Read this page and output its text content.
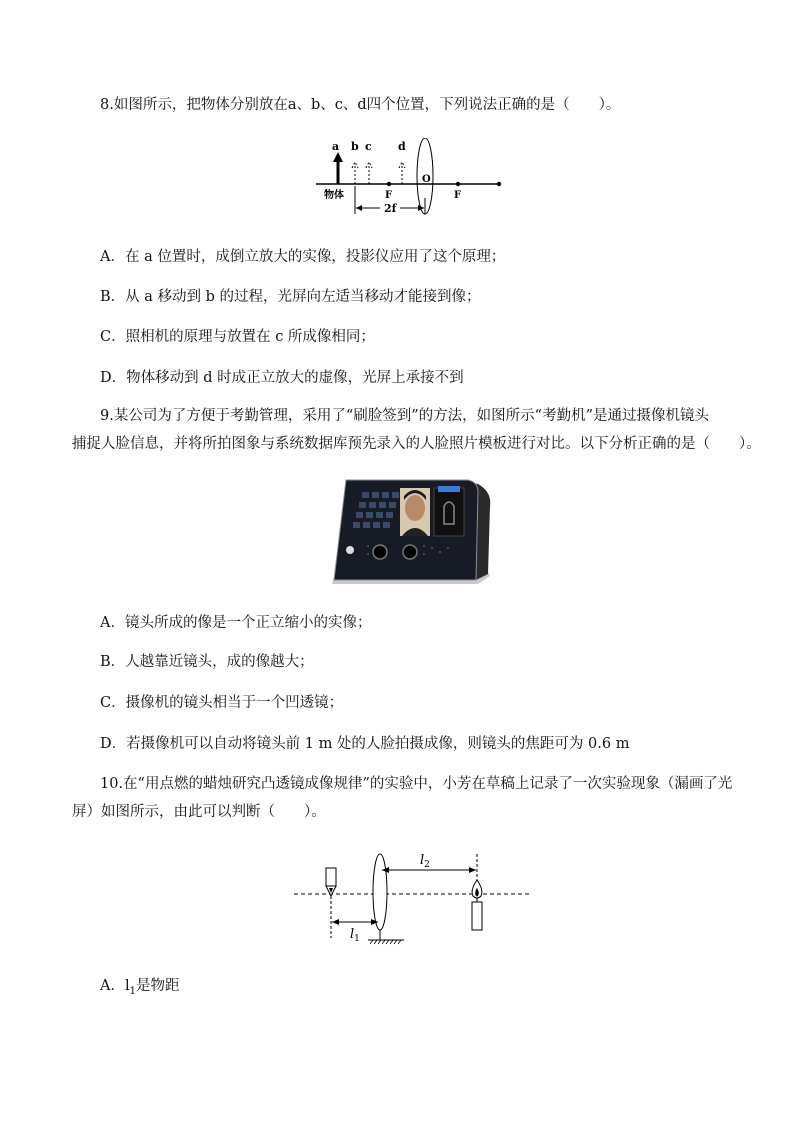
8.如图所示，把物体分别放在a、b、c、d四个位置，下列说法正确的是（　　）。
a b c d
F	F
O
2f
物体
A．在 a 位置时，成倒立放大的实像，投影仪应用了这个原理；
B．从 a 移动到 b 的过程，光屏向左适当移动才能接到像；
C．照相机的原理与放置在 c 所成像相同；
D．物体移动到 d 时成正立放大的虚像，光屏上承接不到
9.某公司为了方便于考勤管理，采用了“刷脸签到”的方法，如图所示“考勤机”是通过摄像机镜头
捕捉人脸信息，并将所拍图象与系统数据库预先录入的人脸照片模板进行对比。以下分析正确的是（　　）。
A．镜头所成的像是一个正立缩小的实像；
B．人越靠近镜头，成的像越大；
C．摄像机的镜头相当于一个凹透镜；
D．若摄像机可以自动将镜头前 1 m 处的人脸拍摄成像，则镜头的焦距可为 0.6 m
10.在“用点燃的蜡烛研究凸透镜成像规律”的实验中，小芳在草稿上记录了一次实验现象（漏画了光
屏）如图所示，由此可以判断（　　）。
$l_2$
$l_1$
A．$l_1$是物距
